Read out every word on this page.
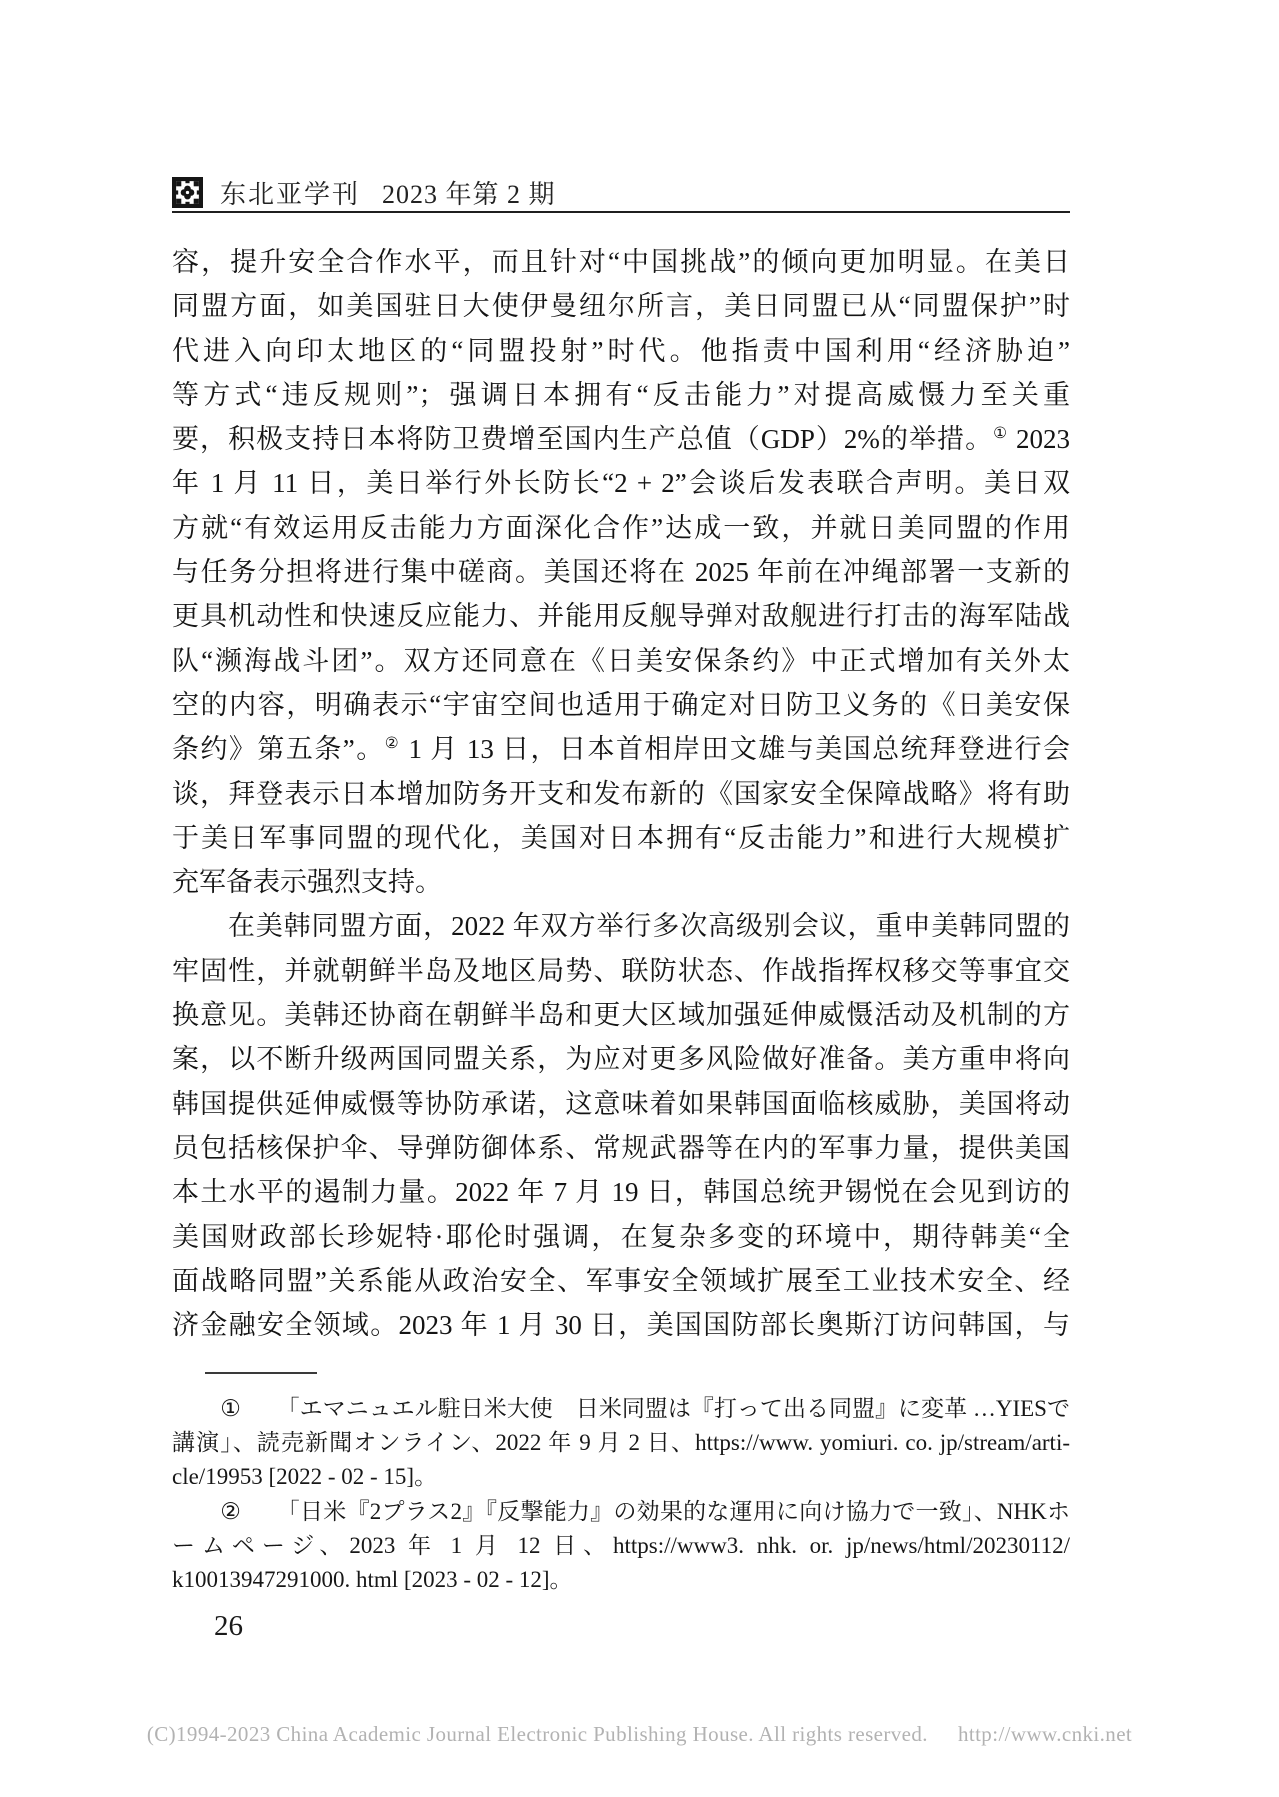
东北亚学刊 2023 年第 2 期
容，提升安全合作水平，而且针对“中国挑战”的倾向更加明显。在美日
同盟方面，如美国驻日大使伊曼纽尔所言，美日同盟已从“同盟保护”时
代进入向印太地区的“同盟投射”时代。他指责中国利用“经济胁迫”
等方式“违反规则”；强调日本拥有“反击能力”对提高威慑力至关重
要，积极支持日本将防卫费增至国内生产总值（GDP）2%的举措。① 2023
年 1 月 11 日，美日举行外长防长“2 + 2”会谈后发表联合声明。美日双
方就“有效运用反击能力方面深化合作”达成一致，并就日美同盟的作用
与任务分担将进行集中磋商。美国还将在 2025 年前在冲绳部署一支新的
更具机动性和快速反应能力、并能用反舰导弹对敌舰进行打击的海军陆战
队“濒海战斗团”。双方还同意在《日美安保条约》中正式增加有关外太
空的内容，明确表示“宇宙空间也适用于确定对日防卫义务的《日美安保
条约》第五条”。② 1 月 13 日，日本首相岸田文雄与美国总统拜登进行会
谈，拜登表示日本增加防务开支和发布新的《国家安全保障战略》将有助
于美日军事同盟的现代化，美国对日本拥有“反击能力”和进行大规模扩
充军备表示强烈支持。
　　在美韩同盟方面，2022 年双方举行多次高级别会议，重申美韩同盟的
牢固性，并就朝鲜半岛及地区局势、联防状态、作战指挥权移交等事宜交
换意见。美韩还协商在朝鲜半岛和更大区域加强延伸威慑活动及机制的方
案，以不断升级两国同盟关系，为应对更多风险做好准备。美方重申将向
韩国提供延伸威慑等协防承诺，这意味着如果韩国面临核威胁，美国将动
员包括核保护伞、导弹防御体系、常规武器等在内的军事力量，提供美国
本土水平的遏制力量。2022 年 7 月 19 日，韩国总统尹锡悦在会见到访的
美国财政部长珍妮特·耶伦时强调，在复杂多变的环境中，期待韩美“全
面战略同盟”关系能从政治安全、军事安全领域扩展至工业技术安全、经
济金融安全领域。2023 年 1 月 30 日，美国国防部长奥斯汀访问韩国，与
① 「エマニュエル駐日米大使　日米同盟は『打って出る同盟』に変革 …YIESで
講演」、読売新聞オンライン、2022 年 9 月 2 日、https://www. yomiuri. co. jp/stream/arti-
cle/19953 [2022 - 02 - 15]。
② 「日米『2プラス2』『反撃能力』の効果的な運用に向け協力で一致」、NHKホ
ームページ、2023 年 1 月 12 日、https://www3. nhk. or. jp/news/html/20230112/
k10013947291000. html [2023 - 02 - 12]。
26
(C)1994-2023 China Academic Journal Electronic Publishing House. All rights reserved. http://www.cnki.net
